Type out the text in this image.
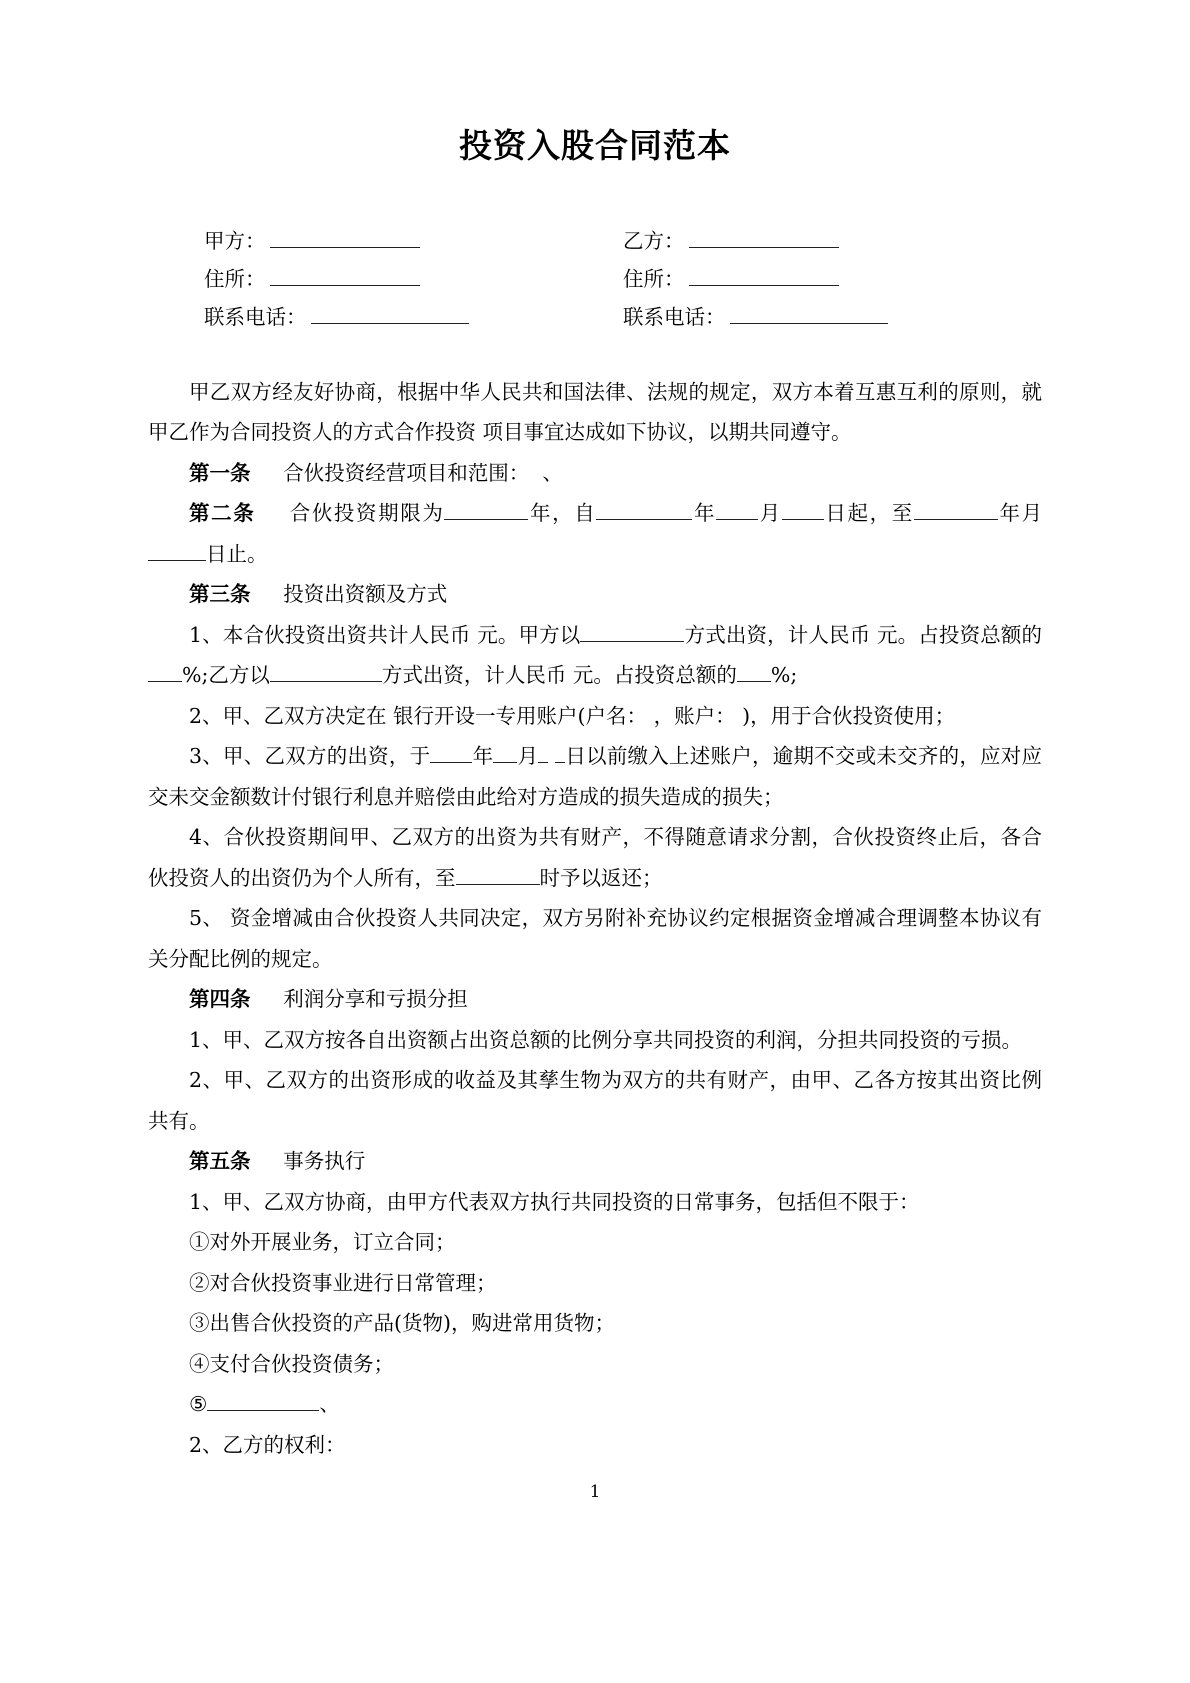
投资入股合同范本
甲方：	乙方：
住所：	住所：
联系电话：	联系电话：

甲乙双方经友好协商，根据中华人民共和国法律、法规的规定，双方本着互惠互利的原则，就甲乙作为合同投资人的方式合作投资 项目事宜达成如下协议，以期共同遵守。

第一条 合伙投资经营项目和范围： 、

第二条 合伙投资期限为	年，自	年 月 日起，至	年月日止。

第三条 投资出资额及方式

1、本合伙投资出资共计人民币 元。甲方以	方式出资，计人民币 元。占投资总额的%;乙方以	方式出资，计人民币 元。占投资总额的 %;

2、甲、乙双方决定在 银行开设一专用账户(户名： ，账户： )，用于合伙投资使用；

3、甲、乙双方的出资，于 年 月 日以前缴入上述账户，逾期不交或未交齐的，应对应交未交金额数计付银行利息并赔偿由此给对方造成的损失造成的损失；

4、合伙投资期间甲、乙双方的出资为共有财产，不得随意请求分割，合伙投资终止后，各合伙投资人的出资仍为个人所有，至	时予以返还；

5、 资金增减由合伙投资人共同决定，双方另附补充协议约定根据资金增减合理调整本协议有关分配比例的规定。

第四条 利润分享和亏损分担

1、甲、乙双方按各自出资额占出资总额的比例分享共同投资的利润，分担共同投资的亏损。

2、甲、乙双方的出资形成的收益及其孳生物为双方的共有财产，由甲、乙各方按其出资比例共有。

第五条 事务执行

1、甲、乙双方协商，由甲方代表双方执行共同投资的日常事务，包括但不限于：

①对外开展业务，订立合同；

②对合伙投资事业进行日常管理；

③出售合伙投资的产品(货物)，购进常用货物；

④支付合伙投资债务；

⑤	、

2、乙方的权利：

1
